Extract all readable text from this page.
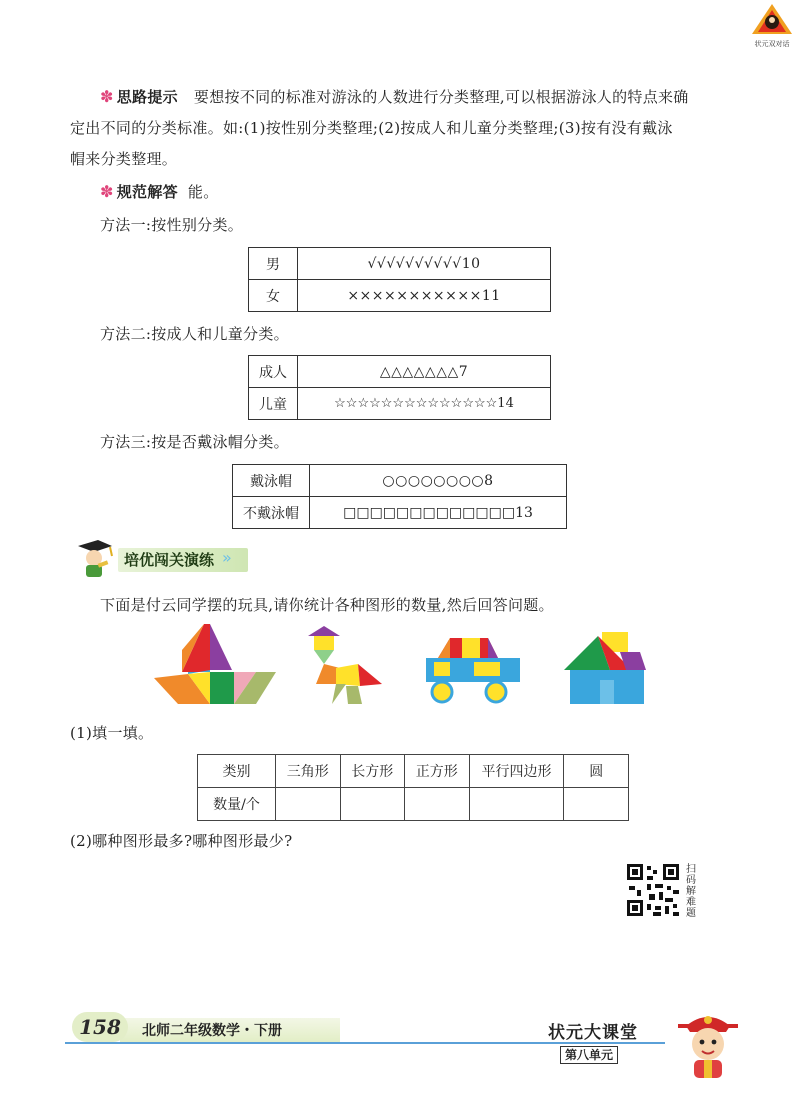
状元双对话
✽ 思路提示 要想按不同的标准对游泳的人数进行分类整理,可以根据游泳人的特点来确
定出不同的分类标准。如:(1)按性别分类整理;(2)按成人和儿童分类整理;(3)按有没有戴泳
帽来分类整理。
✽ 规范解答 能。
方法一:按性别分类。
男	√√√√√√√√√√10
女	×××××××××××11
方法二:按成人和儿童分类。
成人	△△△△△△△7
儿童	☆☆☆☆☆☆☆☆☆☆☆☆☆☆14
方法三:按是否戴泳帽分类。
戴泳帽	○○○○○○○○8
不戴泳帽	□□□□□□□□□□□□□13
培优闯关演练 »
下面是付云同学摆的玩具,请你统计各种图形的数量,然后回答问题。
(1)填一填。
类别	三角形	长方形	正方形	平行四边形	圆
数量/个					
(2)哪种图形最多?哪种图形最少?
扫码解难题
158	北师二年级数学・下册	状元大课堂
第八单元
